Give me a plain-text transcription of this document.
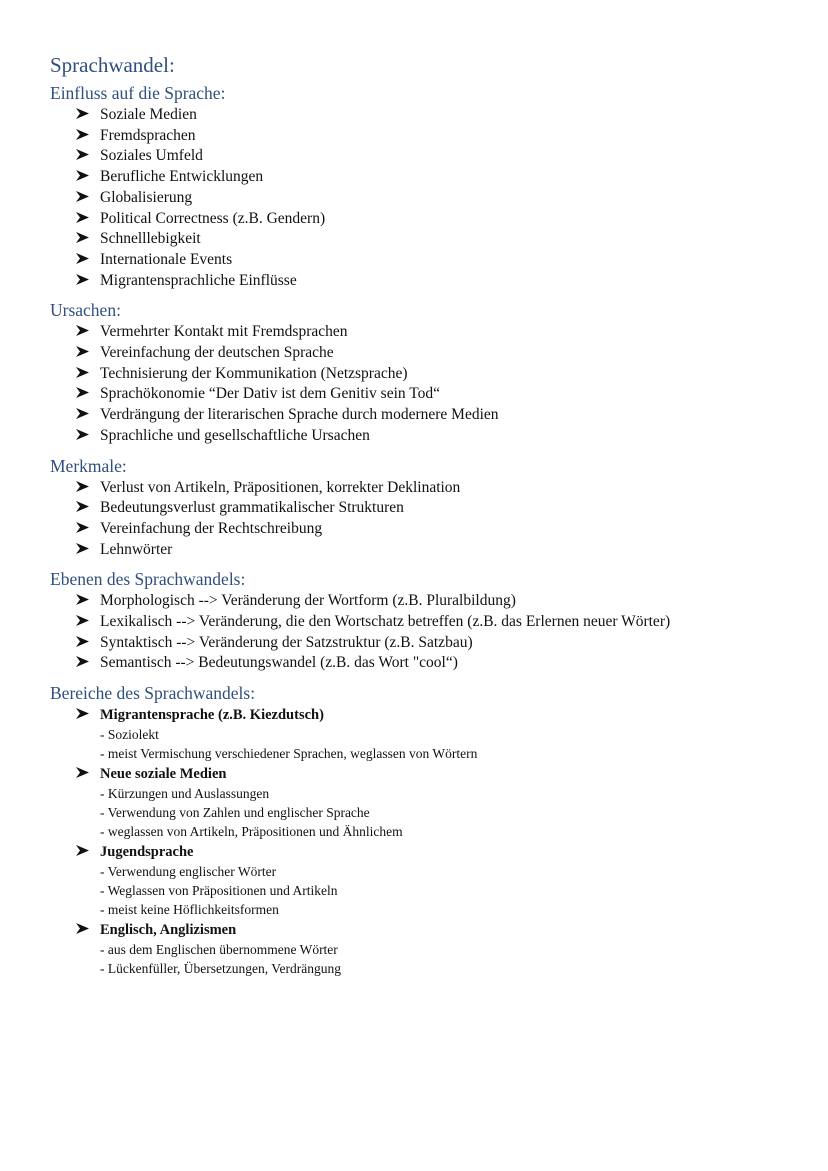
Sprachwandel:
Einfluss auf die Sprache:
Soziale Medien
Fremdsprachen
Soziales Umfeld
Berufliche Entwicklungen
Globalisierung
Political Correctness (z.B. Gendern)
Schnelllebigkeit
Internationale Events
Migrantensprachliche Einflüsse
Ursachen:
Vermehrter Kontakt mit Fremdsprachen
Vereinfachung der deutschen Sprache
Technisierung der Kommunikation (Netzsprache)
Sprachökonomie “Der Dativ ist dem Genitiv sein Tod“
Verdrängung der literarischen Sprache durch modernere Medien
Sprachliche und gesellschaftliche Ursachen
Merkmale:
Verlust von Artikeln, Präpositionen, korrekter Deklination
Bedeutungsverlust grammatikalischer Strukturen
Vereinfachung der Rechtschreibung
Lehnwörter
Ebenen des Sprachwandels:
Morphologisch --> Veränderung der Wortform (z.B. Pluralbildung)
Lexikalisch --> Veränderung, die den Wortschatz betreffen (z.B. das Erlernen neuer Wörter)
Syntaktisch --> Veränderung der Satzstruktur (z.B. Satzbau)
Semantisch --> Bedeutungswandel (z.B. das Wort "cool“)
Bereiche des Sprachwandels:
Migrantensprache (z.B. Kiezdutsch)
- Soziolekt
- meist Vermischung verschiedener Sprachen, weglassen von Wörtern
Neue soziale Medien
- Kürzungen und Auslassungen
- Verwendung von Zahlen und englischer Sprache
- weglassen von Artikeln, Präpositionen und Ähnlichem
Jugendsprache
- Verwendung englischer Wörter
- Weglassen von Präpositionen und Artikeln
- meist keine Höflichkeitsformen
Englisch, Anglizismen
- aus dem Englischen übernommene Wörter
- Lückenfüller, Übersetzungen, Verdrängung
